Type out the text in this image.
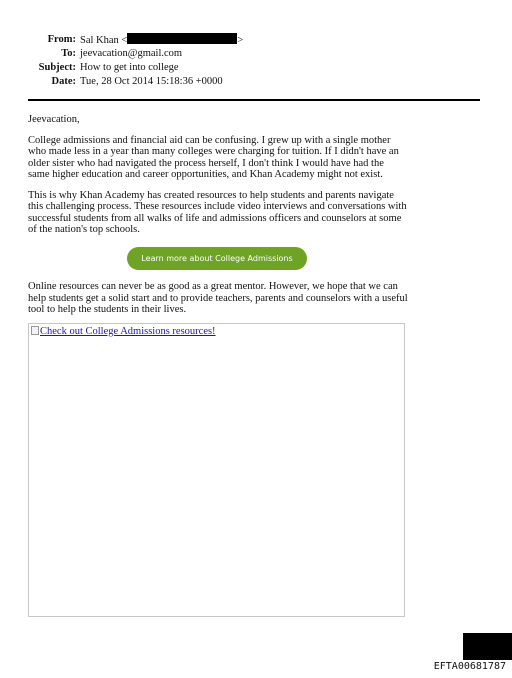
From: Sal Khan <	>
To: jeevacation@gmail.com
Subject: How to get into college
Date: Tue, 28 Oct 2014 15:18:36 +0000

Jeevacation,

College admissions and financial aid can be confusing. I grew up with a single mother who made less in a year than many colleges were charging for tuition. If I didn't have an older sister who had navigated the process herself, I don't think I would have had the same higher education and career opportunities, and Khan Academy might not exist.

This is why Khan Academy has created resources to help students and parents navigate this challenging process. These resources include video interviews and conversations with successful students from all walks of life and admissions officers and counselors at some of the nation's top schools.

Learn more about College Admissions

Online resources can never be as good as a great mentor. However, we hope that we can help students get a solid start and to provide teachers, parents and counselors with a useful tool to help the students in their lives.

Check out College Admissions resources!
EFTA00681787
